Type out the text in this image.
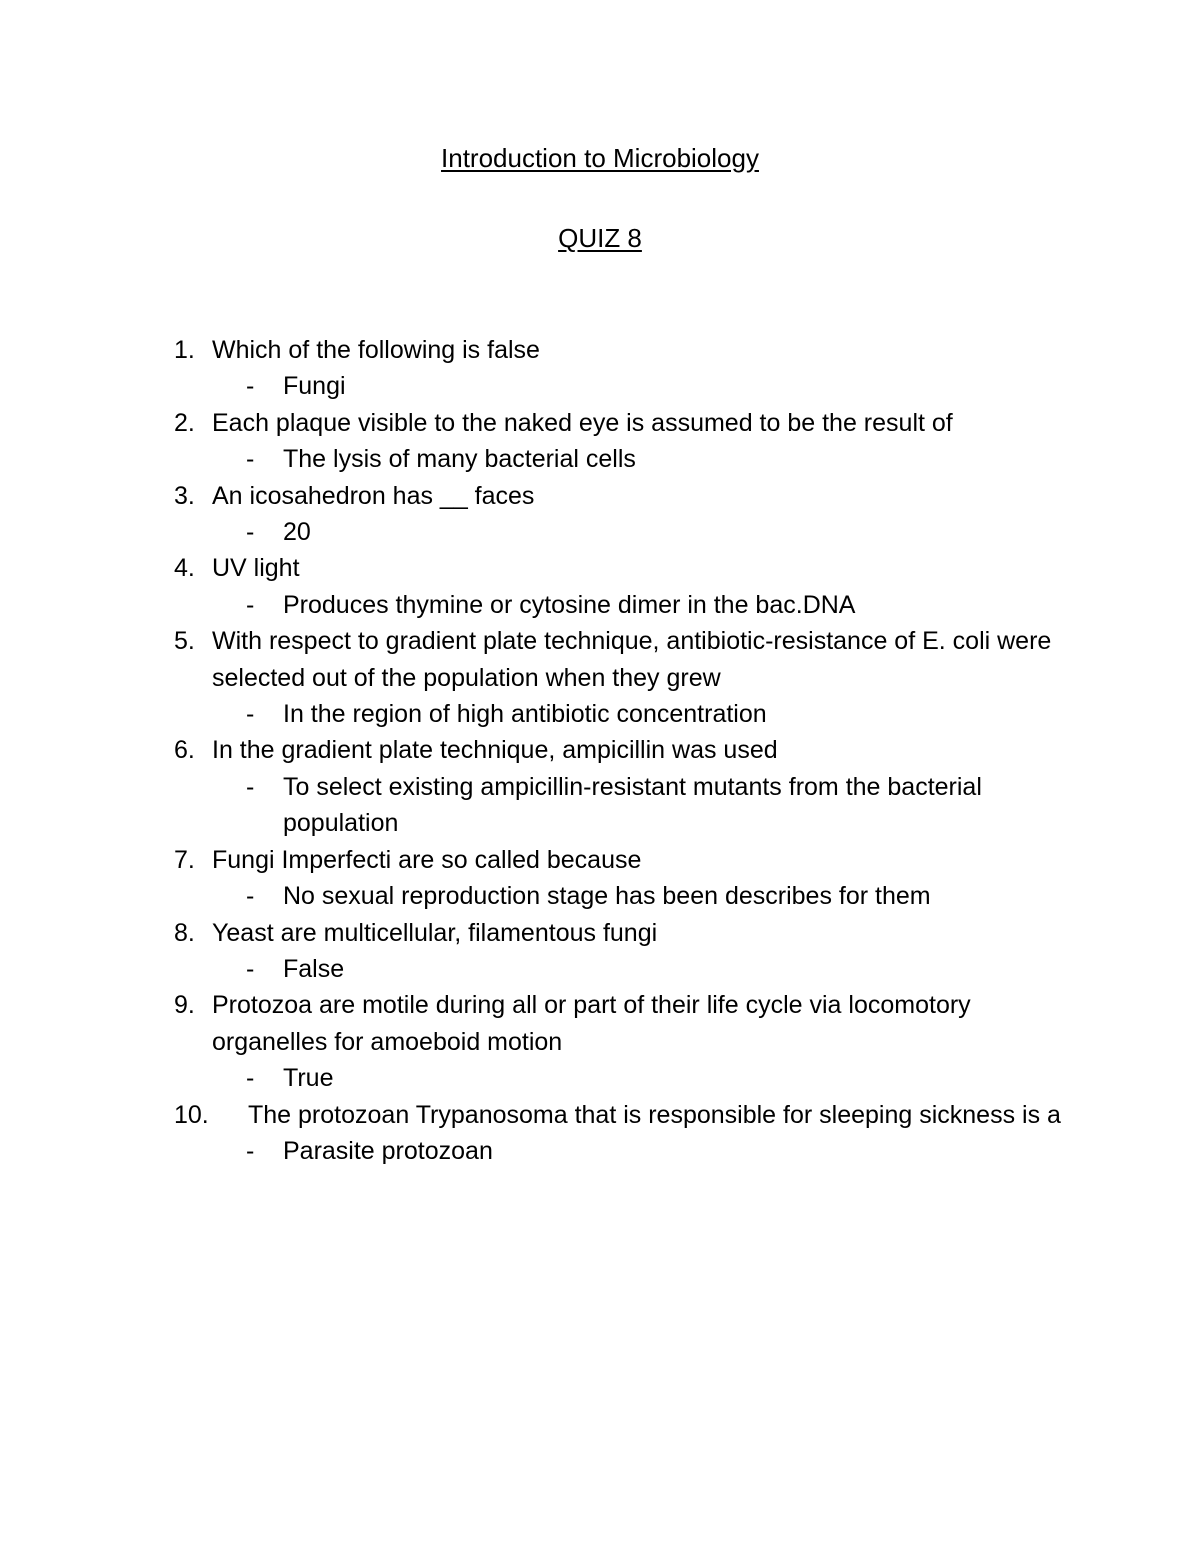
Introduction to Microbiology
QUIZ 8
1. Which of the following is false
- Fungi
2. Each plaque visible to the naked eye is assumed to be the result of
- The lysis of many bacterial cells
3. An icosahedron has __ faces
- 20
4. UV light
- Produces thymine or cytosine dimer in the bac.DNA
5. With respect to gradient plate technique, antibiotic-resistance of E. coli were selected out of the population when they grew
- In the region of high antibiotic concentration
6. In the gradient plate technique, ampicillin was used
- To select existing ampicillin-resistant mutants from the bacterial population
7. Fungi Imperfecti are so called because
- No sexual reproduction stage has been describes for them
8. Yeast are multicellular, filamentous fungi
- False
9. Protozoa are motile during all or part of their life cycle via locomotory organelles for amoeboid motion
- True
10.	The protozoan Trypanosoma that is responsible for sleeping sickness is a
- Parasite protozoan
